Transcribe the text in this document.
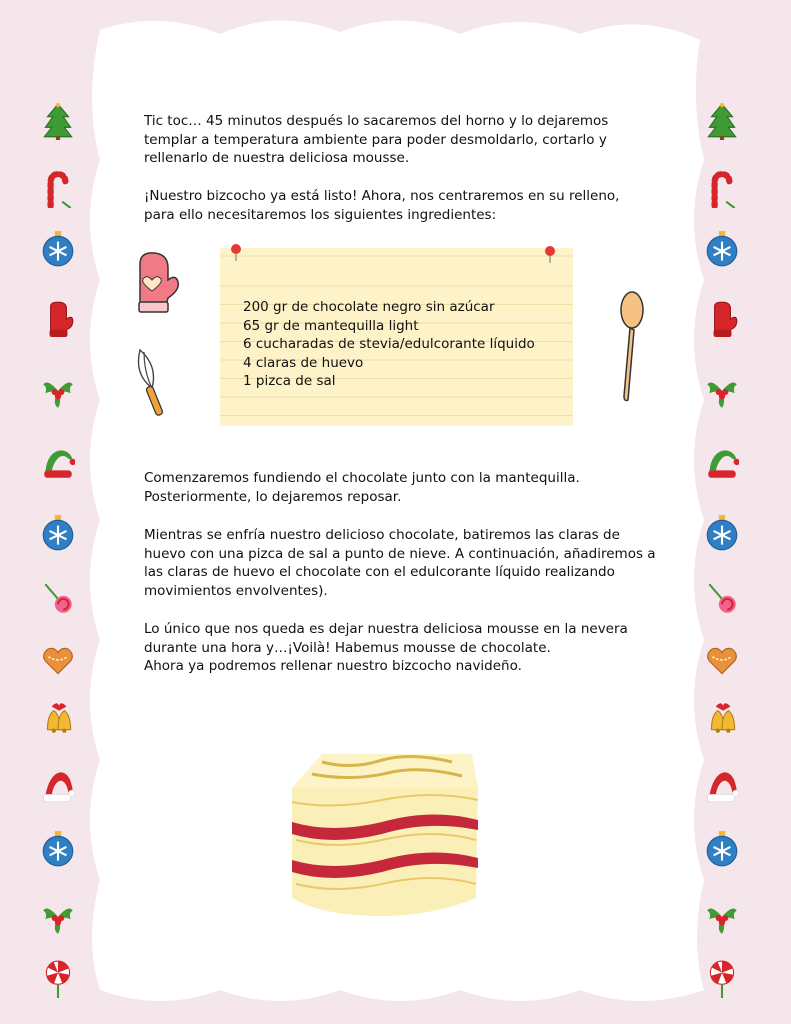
Tic toc… 45 minutos después lo sacaremos del horno y lo dejaremos
templar a temperatura ambiente para poder desmoldarlo, cortarlo y
rellenarlo de nuestra deliciosa mousse.
¡Nuestro bizcocho ya está listo! Ahora, nos centraremos en su relleno,
para ello necesitaremos los siguientes ingredientes:
200 gr de chocolate negro sin azúcar
65 gr de mantequilla light
6 cucharadas de stevia/edulcorante líquido
4 claras de huevo
1 pizca de sal
Comenzaremos fundiendo el chocolate junto con la mantequilla.
Posteriormente, lo dejaremos reposar.
Mientras se enfría nuestro delicioso chocolate, batiremos las claras de
huevo con una pizca de sal a punto de nieve. A continuación, añadiremos a
las claras de huevo el chocolate con el edulcorante líquido realizando
movimientos envolventes).
Lo único que nos queda es dejar nuestra deliciosa mousse en la nevera
durante una hora y…¡Voilà! Habemus mousse de chocolate.
Ahora ya podremos rellenar nuestro bizcocho navideño.
